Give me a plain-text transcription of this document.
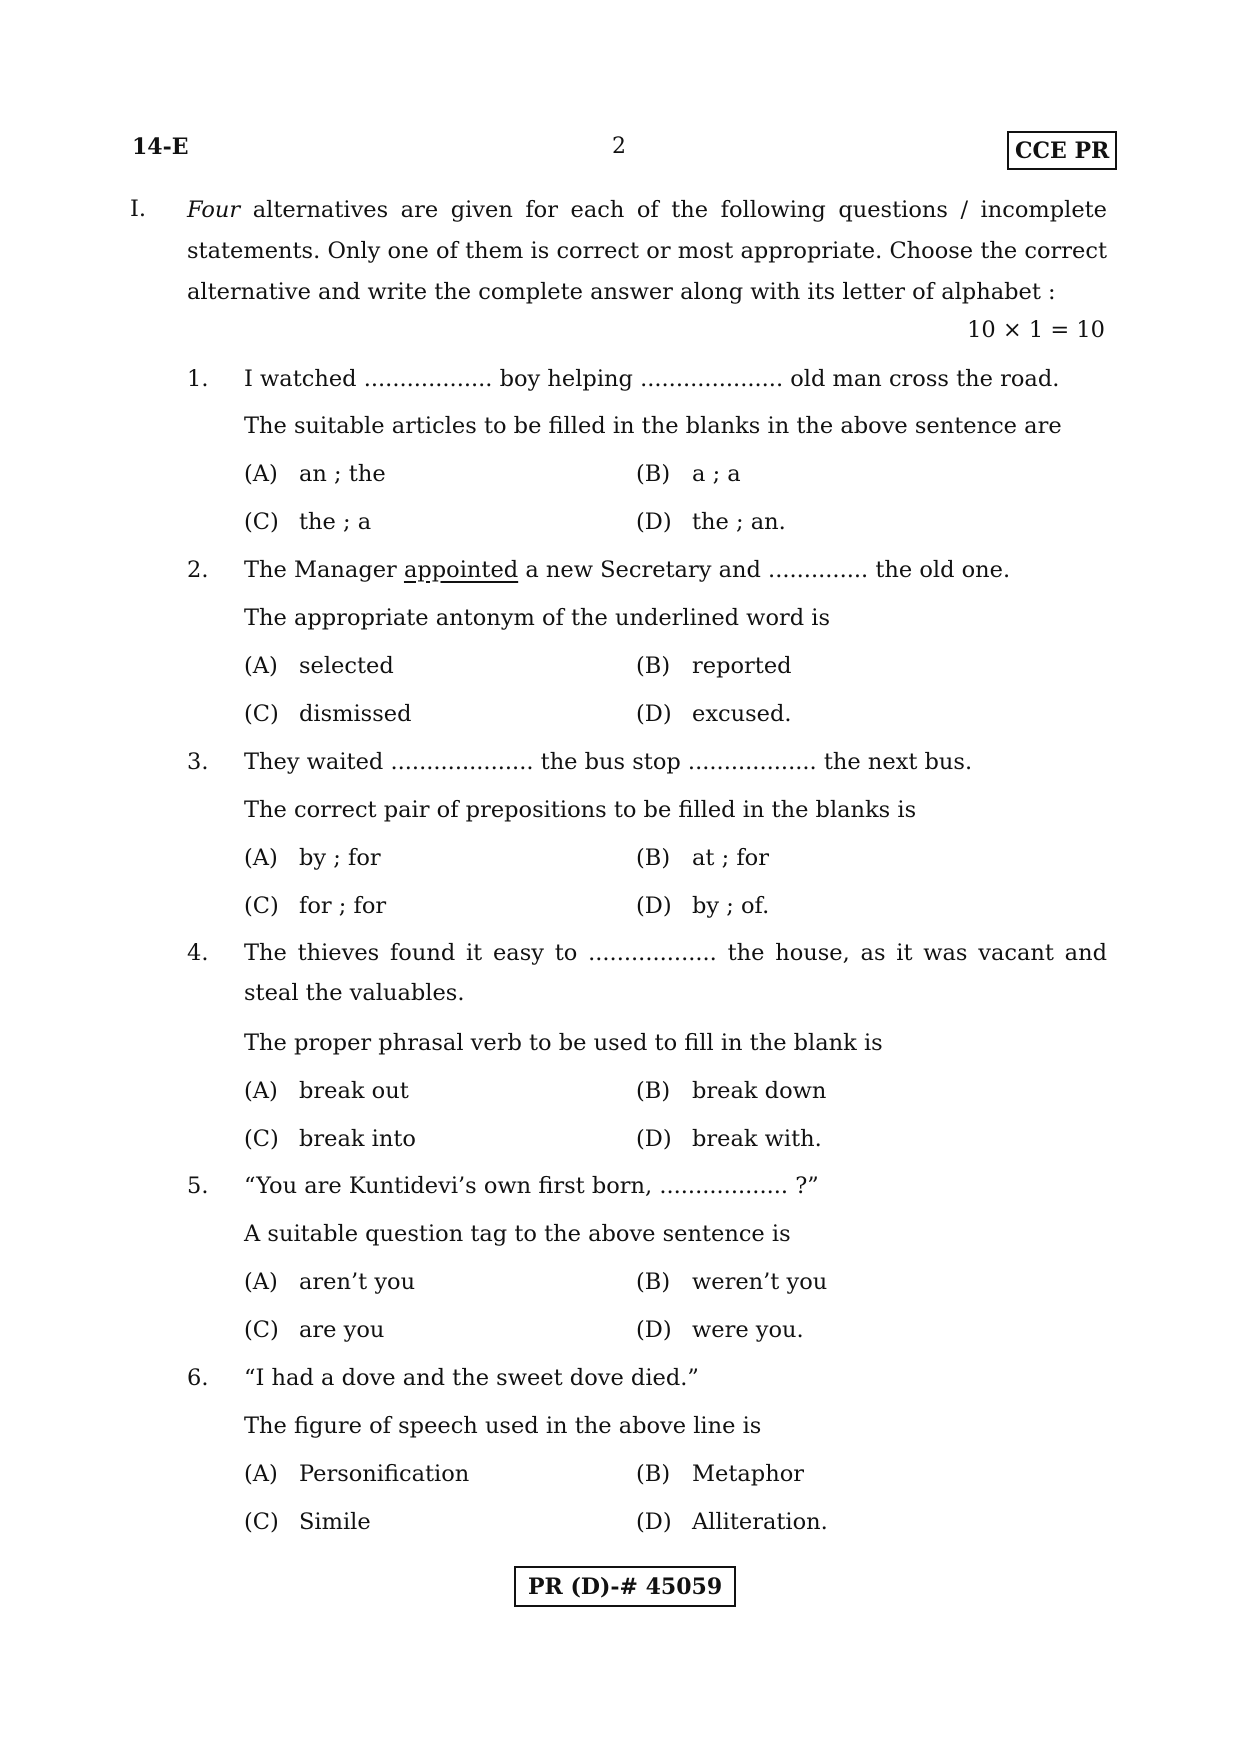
14-E	2	CCE PR
I. Four alternatives are given for each of the following questions / incomplete
statements. Only one of them is correct or most appropriate. Choose the correct
alternative and write the complete answer along with its letter of alphabet :
10 × 1 = 10
1. I watched .................. boy helping .................... old man cross the road.
The suitable articles to be filled in the blanks in the above sentence are
(A) an ; the	(B) a ; a
(C) the ; a	(D) the ; an.
2. The Manager appointed a new Secretary and .............. the old one.
The appropriate antonym of the underlined word is
(A) selected	(B) reported
(C) dismissed	(D) excused.
3. They waited .................... the bus stop .................. the next bus.
The correct pair of prepositions to be filled in the blanks is
(A) by ; for	(B) at ; for
(C) for ; for	(D) by ; of.
4. The thieves found it easy to .................. the house, as it was vacant and steal the valuables.
The proper phrasal verb to be used to fill in the blank is
(A) break out	(B) break down
(C) break into	(D) break with.
5. “You are Kuntidevi’s own first born, .................. ?”
A suitable question tag to the above sentence is
(A) aren’t you	(B) weren’t you
(C) are you	(D) were you.
6. “I had a dove and the sweet dove died.”
The figure of speech used in the above line is
(A) Personification	(B) Metaphor
(C) Simile	(D) Alliteration.
PR (D)-# 45059
